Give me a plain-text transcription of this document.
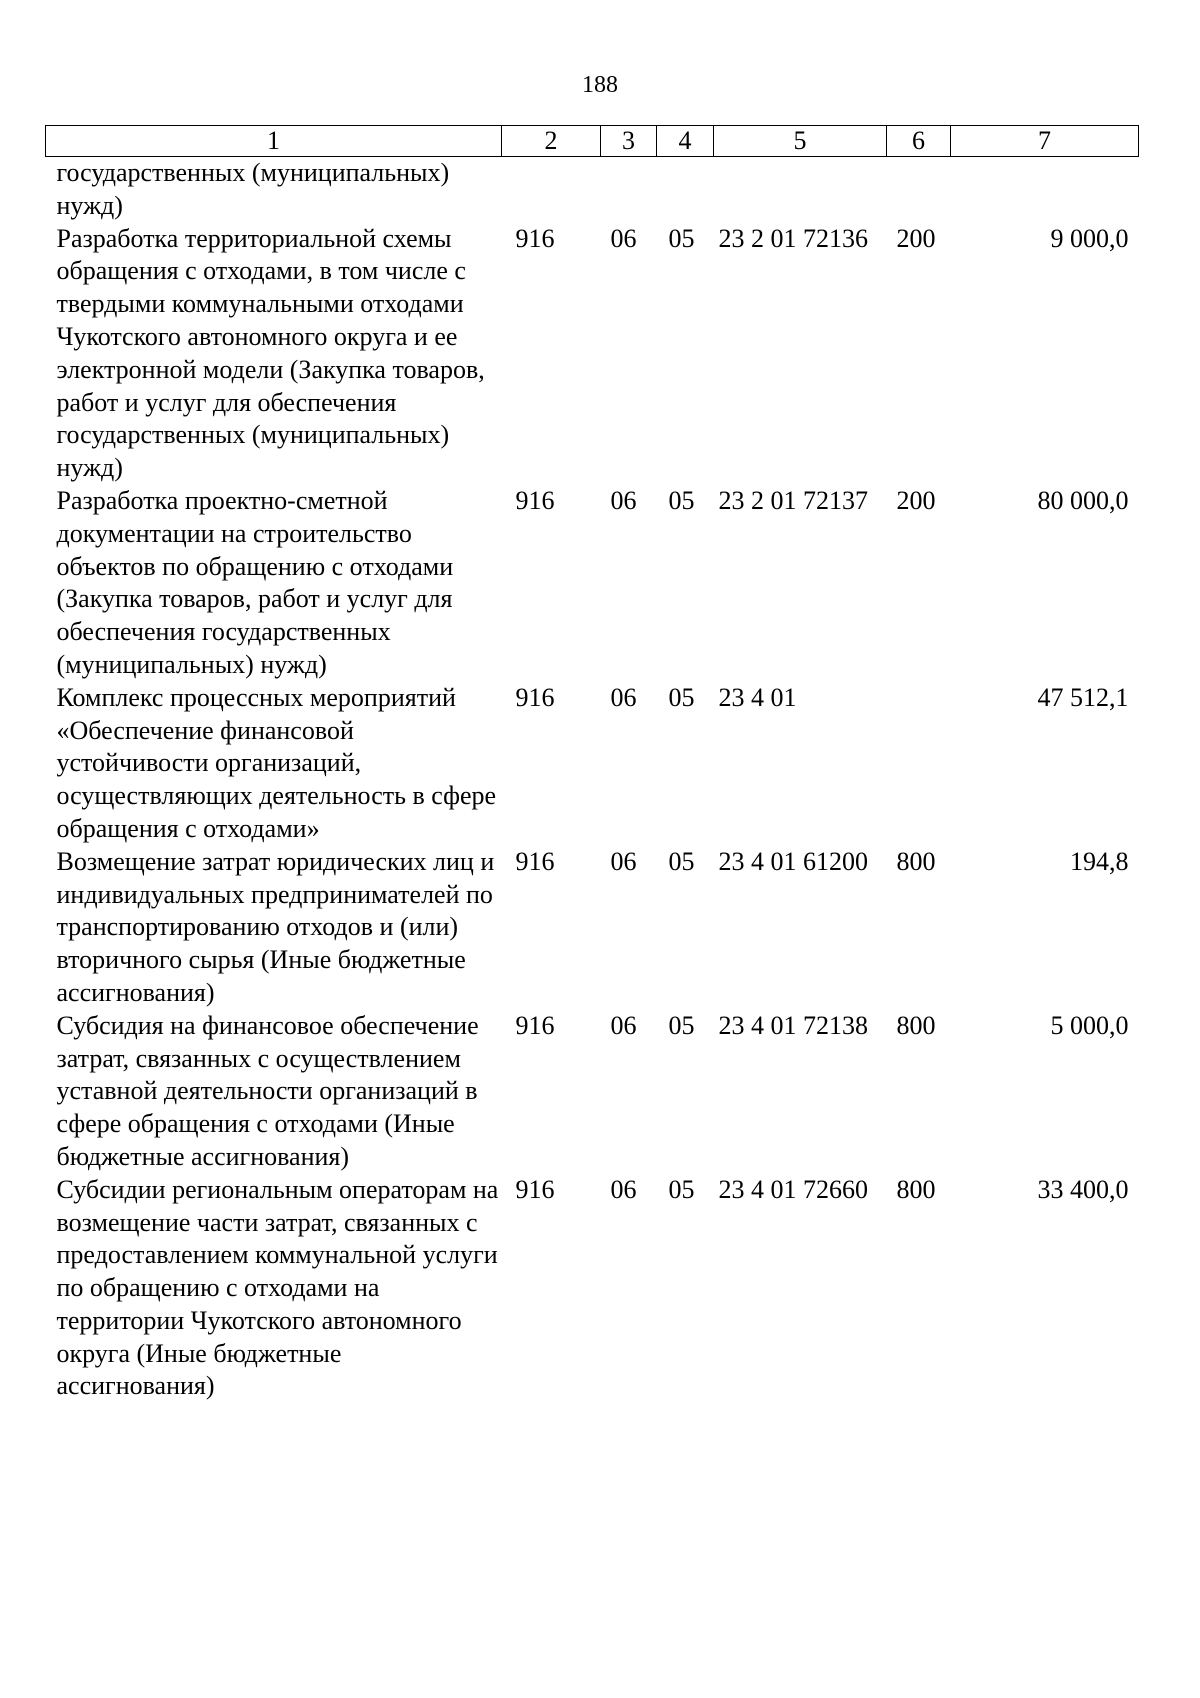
188
1	2	3	4	5	6	7
государственных (муниципальных) нужд)						
Разработка территориальной схемы обращения с отходами, в том числе с твердыми коммунальными отходами Чукотского автономного округа и ее электронной модели (Закупка товаров, работ и услуг для обеспечения государственных (муниципальных) нужд)	916	06	05	23 2 01 72136	200	9 000,0
Разработка проектно-сметной документации на строительство объектов по обращению с отходами (Закупка товаров, работ и услуг для обеспечения государственных (муниципальных) нужд)	916	06	05	23 2 01 72137	200	80 000,0
Комплекс процессных мероприятий «Обеспечение финансовой устойчивости организаций, осуществляющих деятельность в сфере обращения с отходами»	916	06	05	23 4 01		47 512,1
Возмещение затрат юридических лиц и индивидуальных предпринимателей по транспортированию отходов и (или) вторичного сырья (Иные бюджетные ассигнования)	916	06	05	23 4 01 61200	800	194,8
Субсидия на финансовое обеспечение затрат, связанных с осуществлением уставной деятельности организаций в сфере обращения с отходами (Иные бюджетные ассигнования)	916	06	05	23 4 01 72138	800	5 000,0
Субсидии региональным операторам на возмещение части затрат, связанных с предоставлением коммунальной услуги по обращению с отходами на территории Чукотского автономного округа (Иные бюджетные ассигнования)	916	06	05	23 4 01 72660	800	33 400,0
